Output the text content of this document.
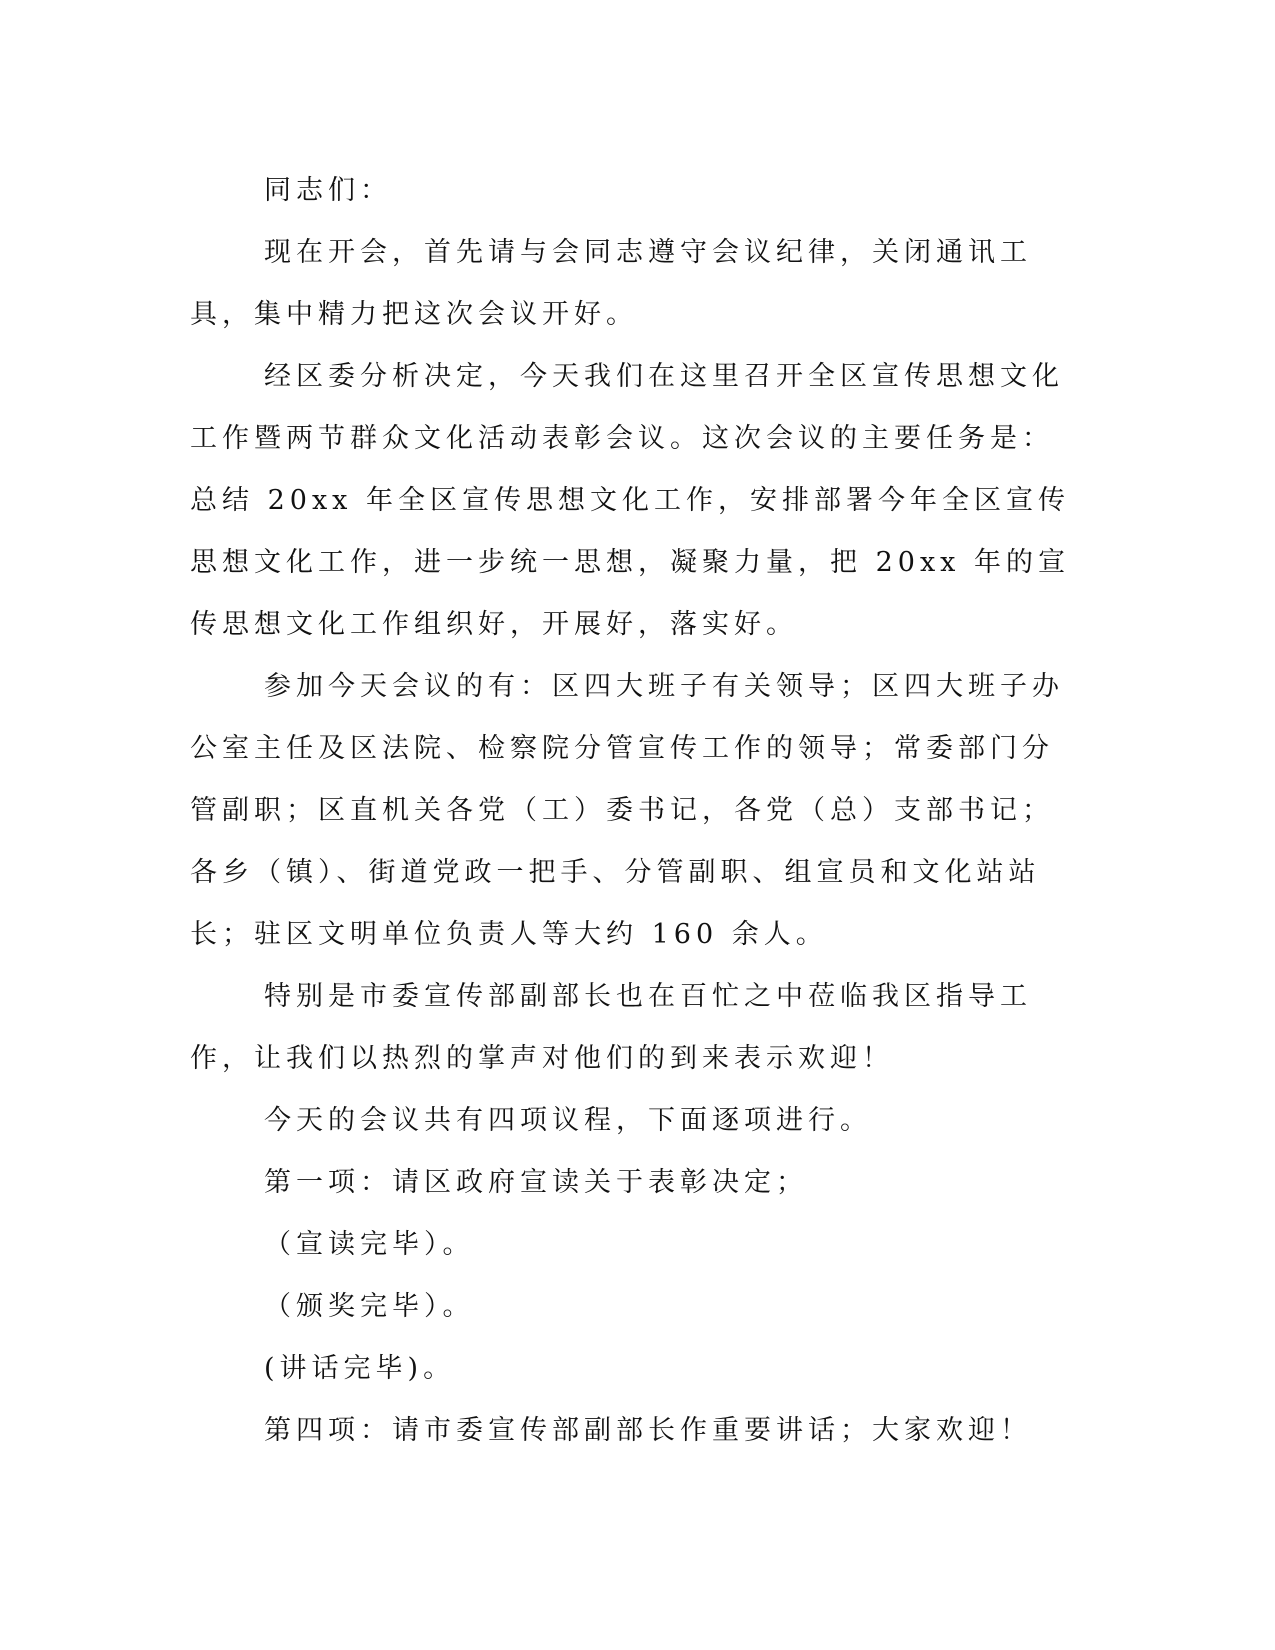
同志们：

现在开会，首先请与会同志遵守会议纪律，关闭通讯工具，集中精力把这次会议开好。

经区委分析决定，今天我们在这里召开全区宣传思想文化工作暨两节群众文化活动表彰会议。这次会议的主要任务是：总结 20xx 年全区宣传思想文化工作，安排部署今年全区宣传思想文化工作，进一步统一思想，凝聚力量，把 20xx 年的宣传思想文化工作组织好，开展好，落实好。

参加今天会议的有：区四大班子有关领导；区四大班子办公室主任及区法院、检察院分管宣传工作的领导；常委部门分管副职；区直机关各党（工）委书记，各党（总）支部书记；各乡（镇）、街道党政一把手、分管副职、组宣员和文化站站长；驻区文明单位负责人等大约 160 余人。

特别是市委宣传部副部长也在百忙之中莅临我区指导工作，让我们以热烈的掌声对他们的到来表示欢迎！

今天的会议共有四项议程，下面逐项进行。

第一项：请区政府宣读关于表彰决定；

（宣读完毕）。

（颁奖完毕）。

(讲话完毕)。

第四项：请市委宣传部副部长作重要讲话；大家欢迎！
